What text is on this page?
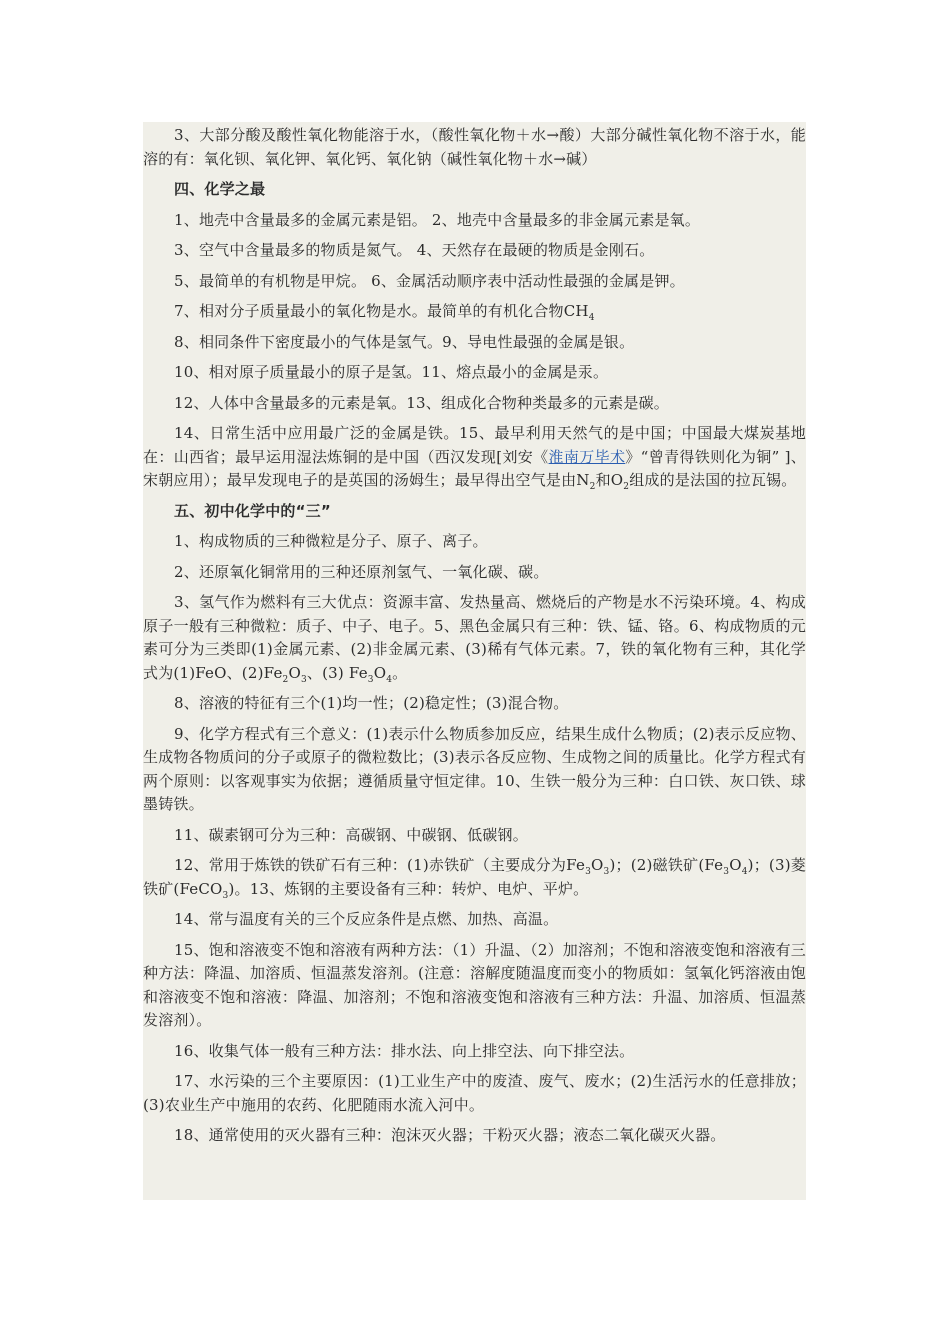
3、大部分酸及酸性氧化物能溶于水，（酸性氧化物＋水→酸）大部分碱性氧化物不溶于水，能溶的有：氧化钡、氧化钾、氧化钙、氧化钠（碱性氧化物＋水→碱）

四、化学之最

1、地壳中含量最多的金属元素是铝。 2、地壳中含量最多的非金属元素是氧。

3、空气中含量最多的物质是氮气。 4、天然存在最硬的物质是金刚石。

5、最简单的有机物是甲烷。 6、金属活动顺序表中活动性最强的金属是钾。

7、相对分子质量最小的氧化物是水。最简单的有机化合物$CH_4$

8、相同条件下密度最小的气体是氢气。9、导电性最强的金属是银。

10、相对原子质量最小的原子是氢。11、熔点最小的金属是汞。

12、人体中含量最多的元素是氧。13、组成化合物种类最多的元素是碳。

14、日常生活中应用最广泛的金属是铁。15、最早利用天然气的是中国；中国最大煤炭基地在：山西省；最早运用湿法炼铜的是中国（西汉发现[刘安《淮南万毕术》“曾青得铁则化为铜” ]、宋朝应用）；最早发现电子的是英国的汤姆生；最早得出空气是由$N_2$和$O_2$组成的是法国的拉瓦锡。

五、初中化学中的“三”

1、构成物质的三种微粒是分子、原子、离子。

2、还原氧化铜常用的三种还原剂氢气、一氧化碳、碳。

3、氢气作为燃料有三大优点：资源丰富、发热量高、燃烧后的产物是水不污染环境。4、构成原子一般有三种微粒：质子、中子、电子。5、黑色金属只有三种：铁、锰、铬。6、构成物质的元素可分为三类即(1)金属元素、(2)非金属元素、(3)稀有气体元素。7，铁的氧化物有三种，其化学式为(1)FeO、$(2)Fe_2O_3$、(3) $Fe_3O_4$。

8、溶液的特征有三个(1)均一性；(2)稳定性；(3)混合物。

9、化学方程式有三个意义：(1)表示什么物质参加反应，结果生成什么物质；(2)表示反应物、生成物各物质问的分子或原子的微粒数比；(3)表示各反应物、生成物之间的质量比。化学方程式有两个原则：以客观事实为依据；遵循质量守恒定律。10、生铁一般分为三种：白口铁、灰口铁、球墨铸铁。

11、碳素钢可分为三种：高碳钢、中碳钢、低碳钢。

12、常用于炼铁的铁矿石有三种：(1)赤铁矿（主要成分为$Fe_3O_3$)；(2)磁铁矿$(Fe_3O_4)$；(3)菱铁矿(FeCO$_3$)。13、炼钢的主要设备有三种：转炉、电炉、平炉。

14、常与温度有关的三个反应条件是点燃、加热、高温。

15、饱和溶液变不饱和溶液有两种方法：（1）升温、（2）加溶剂；不饱和溶液变饱和溶液有三种方法：降温、加溶质、恒温蒸发溶剂。(注意：溶解度随温度而变小的物质如：氢氧化钙溶液由饱和溶液变不饱和溶液：降温、加溶剂；不饱和溶液变饱和溶液有三种方法：升温、加溶质、恒温蒸发溶剂）。

16、收集气体一般有三种方法：排水法、向上排空法、向下排空法。

17、水污染的三个主要原因：(1)工业生产中的废渣、废气、废水；(2)生活污水的任意排放；(3)农业生产中施用的农药、化肥随雨水流入河中。

18、通常使用的灭火器有三种：泡沫灭火器；干粉灭火器；液态二氧化碳灭火器。
